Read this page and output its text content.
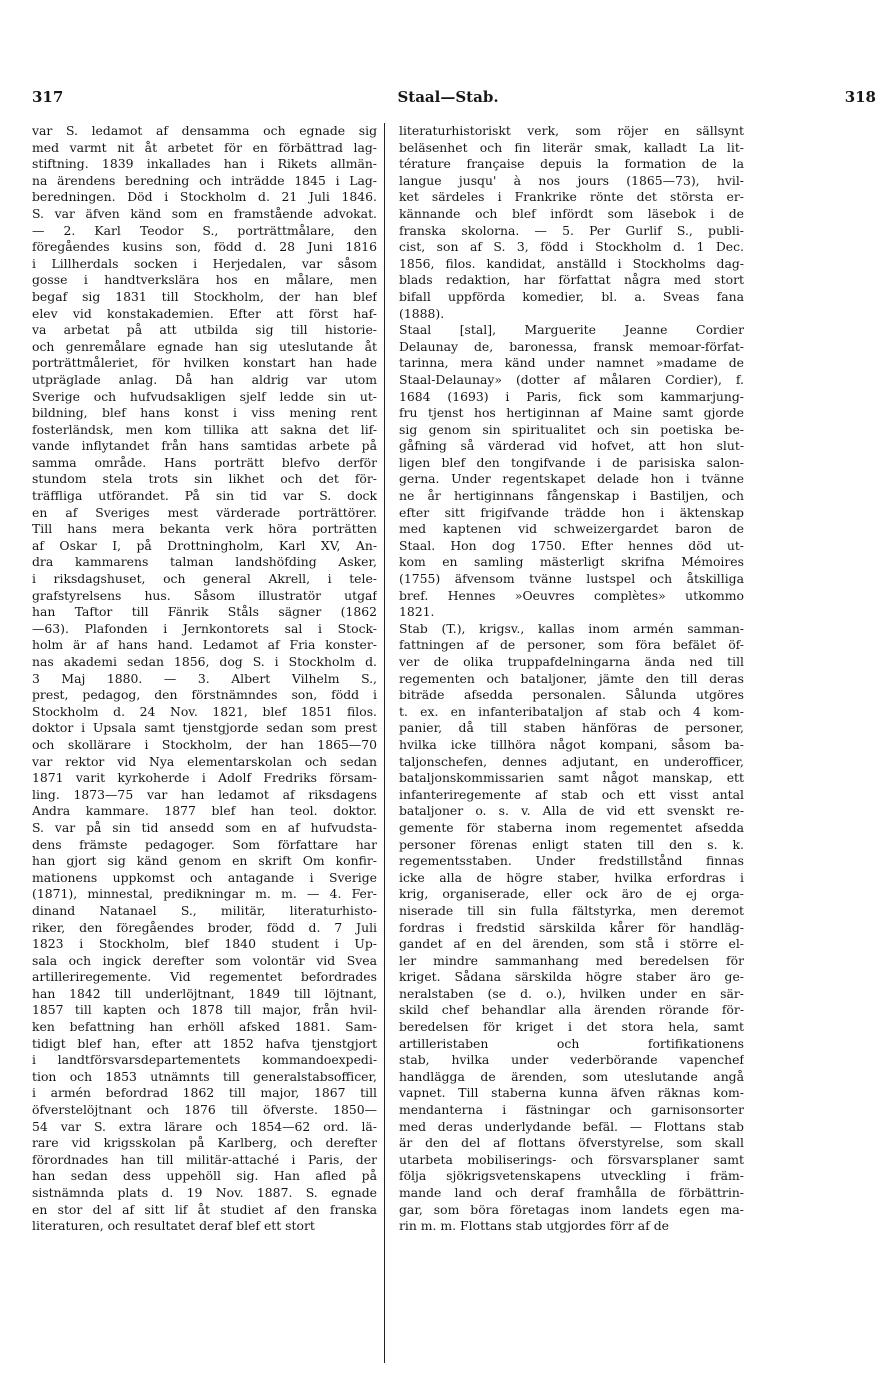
317	Staal—Stab.	318
var S. ledamot af densamma och egnade sig
med varmt nit åt arbetet för en förbättrad lag-
stiftning. 1839 inkallades han i Rikets allmän-
na ärendens beredning och inträdde 1845 i Lag-
beredningen. Död i Stockholm d. 21 Juli 1846.
S. var äfven känd som en framstående advokat.
— 2. Karl Teodor S., porträttmålare, den
föregåendes kusins son, född d. 28 Juni 1816
i Lillherdals socken i Herjedalen, var såsom
gosse i handtverkslära hos en målare, men
begaf sig 1831 till Stockholm, der han blef
elev vid konstakademien. Efter att först haf-
va arbetat på att utbilda sig till historie-
och genremålare egnade han sig uteslutande åt
porträttmåleriet, för hvilken konstart han hade
utpräglade anlag. Då han aldrig var utom
Sverige och hufvudsakligen sjelf ledde sin ut-
bildning, blef hans konst i viss mening rent
fosterländsk, men kom tillika att sakna det lif-
vande inflytandet från hans samtidas arbete på
samma område. Hans porträtt blefvo derför
stundom stela trots sin likhet och det för-
träffliga utförandet. På sin tid var S. dock
en af Sveriges mest värderade porträttörer.
Till hans mera bekanta verk höra porträtten
af Oskar I, på Drottningholm, Karl XV, An-
dra kammarens talman landshöfding Asker,
i riksdagshuset, och general Akrell, i tele-
grafstyrelsens hus. Såsom illustratör utgaf
han Taftor till Fänrik Ståls sägner (1862
—63). Plafonden i Jernkontorets sal i Stock-
holm är af hans hand. Ledamot af Fria konster-
nas akademi sedan 1856, dog S. i Stockholm d.
3 Maj 1880. — 3. Albert Vilhelm S.,
prest, pedagog, den förstnämndes son, född i
Stockholm d. 24 Nov. 1821, blef 1851 filos.
doktor i Upsala samt tjenstgjorde sedan som prest
och skollärare i Stockholm, der han 1865—70
var rektor vid Nya elementarskolan och sedan
1871 varit kyrkoherde i Adolf Fredriks försam-
ling. 1873—75 var han ledamot af riksdagens
Andra kammare. 1877 blef han teol. doktor.
S. var på sin tid ansedd som en af hufvudsta-
dens främste pedagoger. Som författare har
han gjort sig känd genom en skrift Om konfir-
mationens uppkomst och antagande i Sverige
(1871), minnestal, predikningar m. m. — 4. Fer-
dinand Natanael S., militär, literaturhisto-
riker, den föregåendes broder, född d. 7 Juli
1823 i Stockholm, blef 1840 student i Up-
sala och ingick derefter som volontär vid Svea
artilleriregemente. Vid regementet befordrades
han 1842 till underlöjtnant, 1849 till löjtnant,
1857 till kapten och 1878 till major, från hvil-
ken befattning han erhöll afsked 1881. Sam-
tidigt blef han, efter att 1852 hafva tjenstgjort
i landtförsvarsdepartementets kommandoexpedi-
tion och 1853 utnämnts till generalstabsofficer,
i armén befordrad 1862 till major, 1867 till
öfverstelöjtnant och 1876 till öfverste. 1850—
54 var S. extra lärare och 1854—62 ord. lä-
rare vid krigsskolan på Karlberg, och derefter
förordnades han till militär-attaché i Paris, der
han sedan dess uppehöll sig. Han afled på
sistnämnda plats d. 19 Nov. 1887. S. egnade
en stor del af sitt lif åt studiet af den franska
literaturen, och resultatet deraf blef ett stort
literaturhistoriskt verk, som röjer en sällsynt
beläsenhet och fin literär smak, kalladt La lit-
térature française depuis la formation de la
langue jusqu' à nos jours (1865—73), hvil-
ket särdeles i Frankrike rönte det största er-
kännande och blef infördt som läsebok i de
franska skolorna. — 5. Per Gurlif S., publi-
cist, son af S. 3, född i Stockholm d. 1 Dec.
1856, filos. kandidat, anställd i Stockholms dag-
blads redaktion, har författat några med stort
bifall uppförda komedier, bl. a. Sveas fana
(1888).
Staal [stal], Marguerite Jeanne Cordier
Delaunay de, baronessa, fransk memoar-förfat-
tarinna, mera känd under namnet »madame de
Staal-Delaunay» (dotter af målaren Cordier), f.
1684 (1693) i Paris, fick som kammarjung-
fru tjenst hos hertiginnan af Maine samt gjorde
sig genom sin spiritualitet och sin poetiska be-
gåfning så värderad vid hofvet, att hon slut-
ligen blef den tongifvande i de parisiska salon-
gerna. Under regentskapet delade hon i tvänne
ne år hertiginnans fångenskap i Bastiljen, och
efter sitt frigifvande trädde hon i äktenskap
med kaptenen vid schweizergardet baron de
Staal. Hon dog 1750. Efter hennes död ut-
kom en samling mästerligt skrifna Mémoires
(1755) äfvensom tvänne lustspel och åtskilliga
bref. Hennes »Oeuvres complètes» utkommo
1821.
Stab (T.), krigsv., kallas inom armén samman-
fattningen af de personer, som föra befälet öf-
ver de olika truppafdelningarna ända ned till
regementen och bataljoner, jämte den till deras
biträde afsedda personalen. Sålunda utgöres
t. ex. en infanteribataljon af stab och 4 kom-
panier, då till staben hänföras de personer,
hvilka icke tillhöra något kompani, såsom ba-
taljonschefen, dennes adjutant, en underofficer,
bataljonskommissarien samt något manskap, ett
infanteriregemente af stab och ett visst antal
bataljoner o. s. v. Alla de vid ett svenskt re-
gemente för staberna inom regementet afsedda
personer förenas enligt staten till den s. k.
regementsstaben. Under fredstillstånd finnas
icke alla de högre staber, hvilka erfordras i
krig, organiserade, eller ock äro de ej orga-
niserade till sin fulla fältstyrka, men deremot
fordras i fredstid särskilda kårer för handläg-
gandet af en del ärenden, som stå i större el-
ler mindre sammanhang med beredelsen för
kriget. Sådana särskilda högre staber äro ge-
neralstaben (se d. o.), hvilken under en sär-
skild chef behandlar alla ärenden rörande för-
beredelsen för kriget i det stora hela, samt
artilleristaben och fortifikationens
stab, hvilka under vederbörande vapenchef
handlägga de ärenden, som uteslutande angå
vapnet. Till staberna kunna äfven räknas kom-
mendanterna i fästningar och garnisonsorter
med deras underlydande befäl. — Flottans stab
är den del af flottans öfverstyrelse, som skall
utarbeta mobiliserings- och försvarsplaner samt
följa sjökrigsvetenskapens utveckling i främ-
mande land och deraf framhålla de förbättrin-
gar, som böra företagas inom landets egen ma-
rin m. m. Flottans stab utgjordes förr af de
